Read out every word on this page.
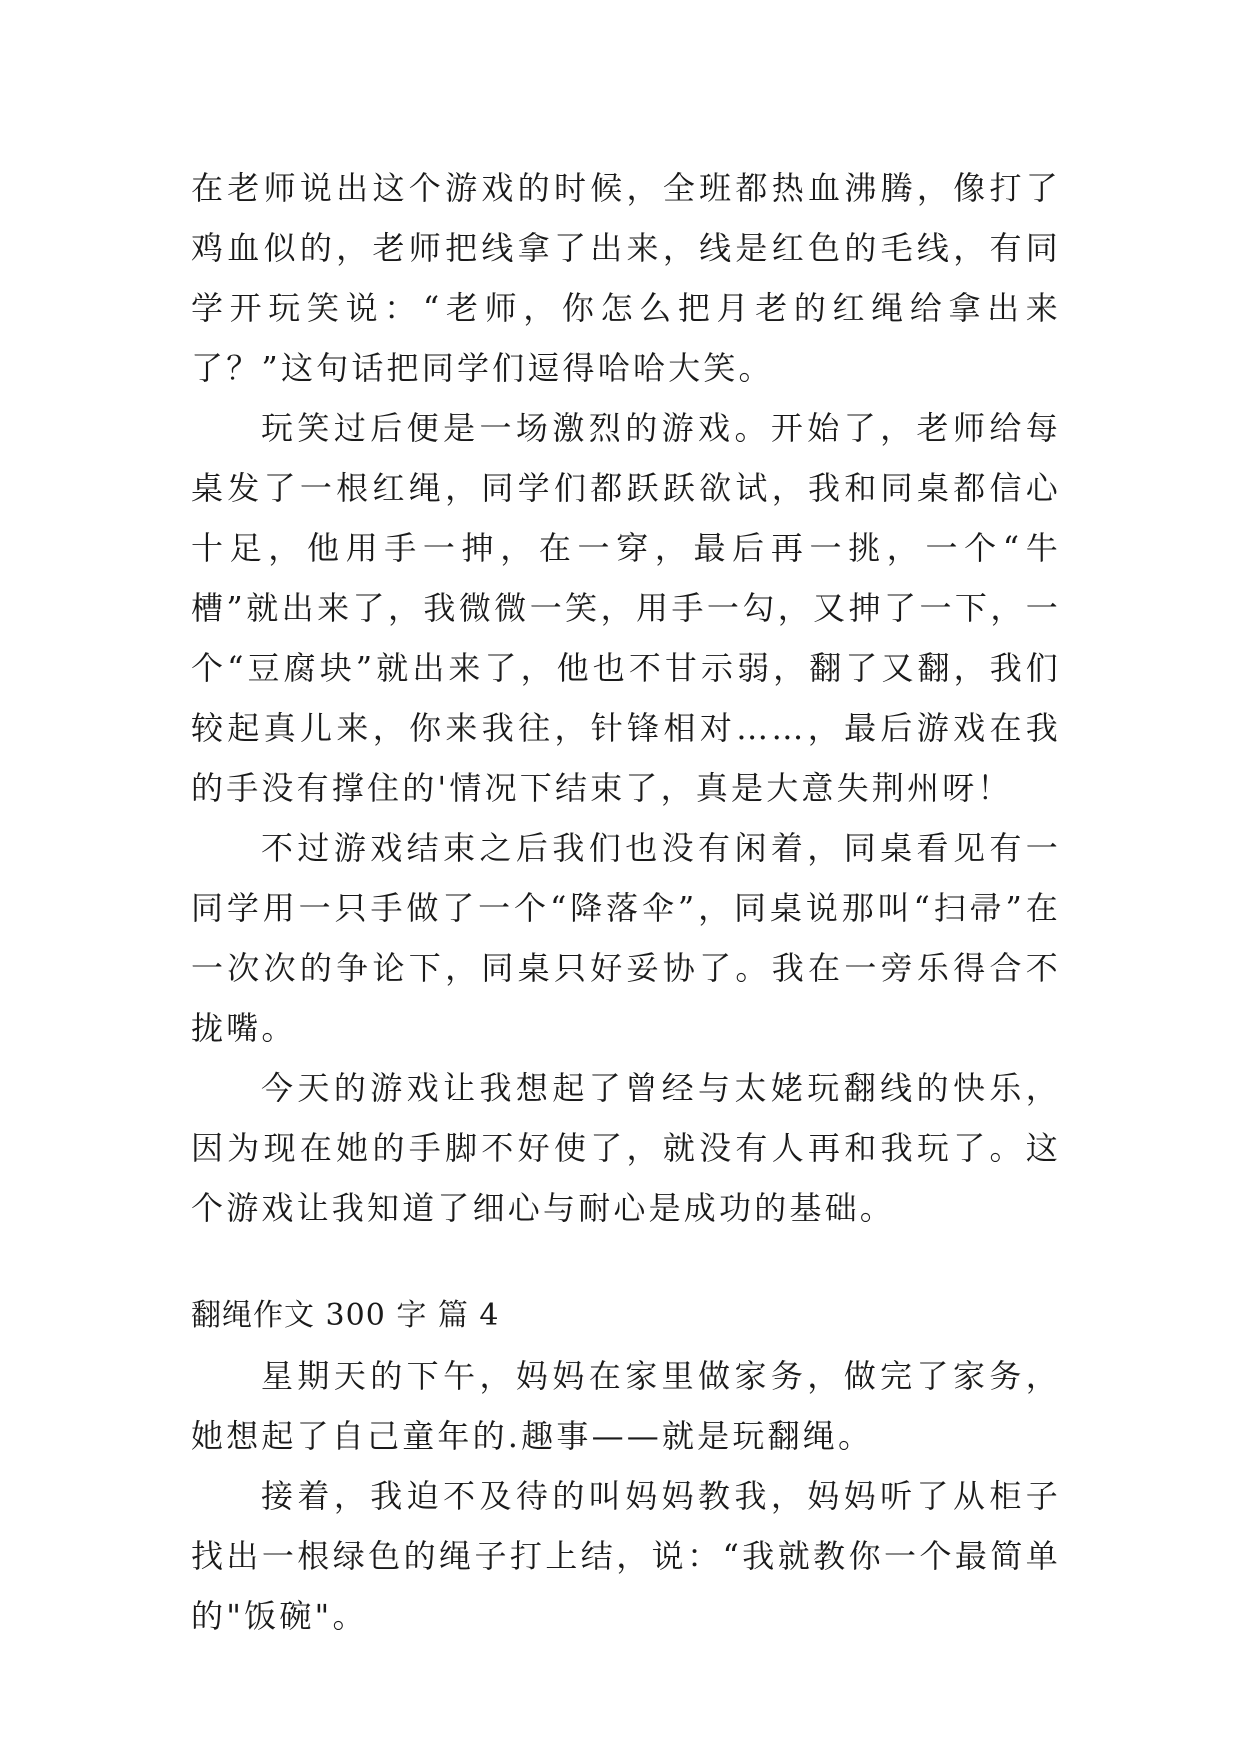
在老师说出这个游戏的时候，全班都热血沸腾，像打了鸡血似的，老师把线拿了出来，线是红色的毛线，有同学开玩笑说：“老师，你怎么把月老的红绳给拿出来了？”这句话把同学们逗得哈哈大笑。

玩笑过后便是一场激烈的游戏。开始了，老师给每桌发了一根红绳，同学们都跃跃欲试，我和同桌都信心十足，他用手一抻，在一穿，最后再一挑，一个“牛槽”就出来了，我微微一笑，用手一勾，又抻了一下，一个“豆腐块”就出来了，他也不甘示弱，翻了又翻，我们较起真儿来，你来我往，针锋相对……，最后游戏在我的手没有撑住的'情况下结束了，真是大意失荆州呀！

不过游戏结束之后我们也没有闲着，同桌看见有一同学用一只手做了一个“降落伞”，同桌说那叫“扫帚”在一次次的争论下，同桌只好妥协了。我在一旁乐得合不拢嘴。

今天的游戏让我想起了曾经与太姥玩翻线的快乐，因为现在她的手脚不好使了，就没有人再和我玩了。这个游戏让我知道了细心与耐心是成功的基础。

翻绳作文 300 字 篇 4

星期天的下午，妈妈在家里做家务，做完了家务，她想起了自己童年的.趣事——就是玩翻绳。

接着，我迫不及待的叫妈妈教我，妈妈听了从柜子找出一根绿色的绳子打上结，说：“我就教你一个最简单的"饭碗"。
